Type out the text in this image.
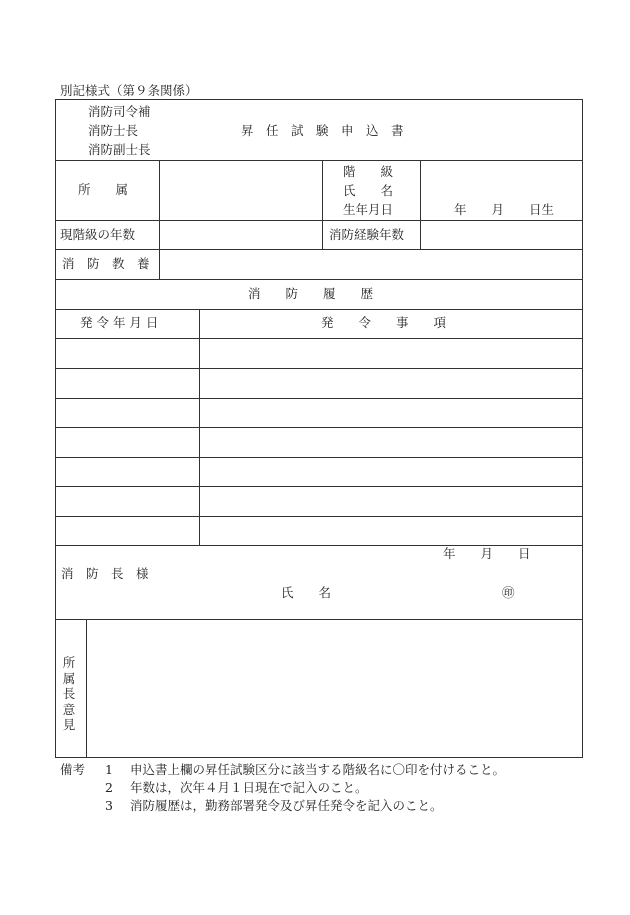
別記様式（第９条関係）
消防司令補
消防士長
消防副士長
昇　任　試　験　申　込　書
所　　属
階　　級
氏　　名
生年月日	年　　月　　日生
現階級の年数	消防経験年数
消　防　教　養
消　　防　　履　　歴
発 令 年 月 日	発　　令　　事　　項
年　　月　　日
消　防　長　様
氏　　名	㊞
所属長意見
備考 1 申込書上欄の昇任試験区分に該当する階級名に〇印を付けること。
2 年数は，次年４月１日現在で記入のこと。
3 消防履歴は，勤務部署発令及び昇任発令を記入のこと。
